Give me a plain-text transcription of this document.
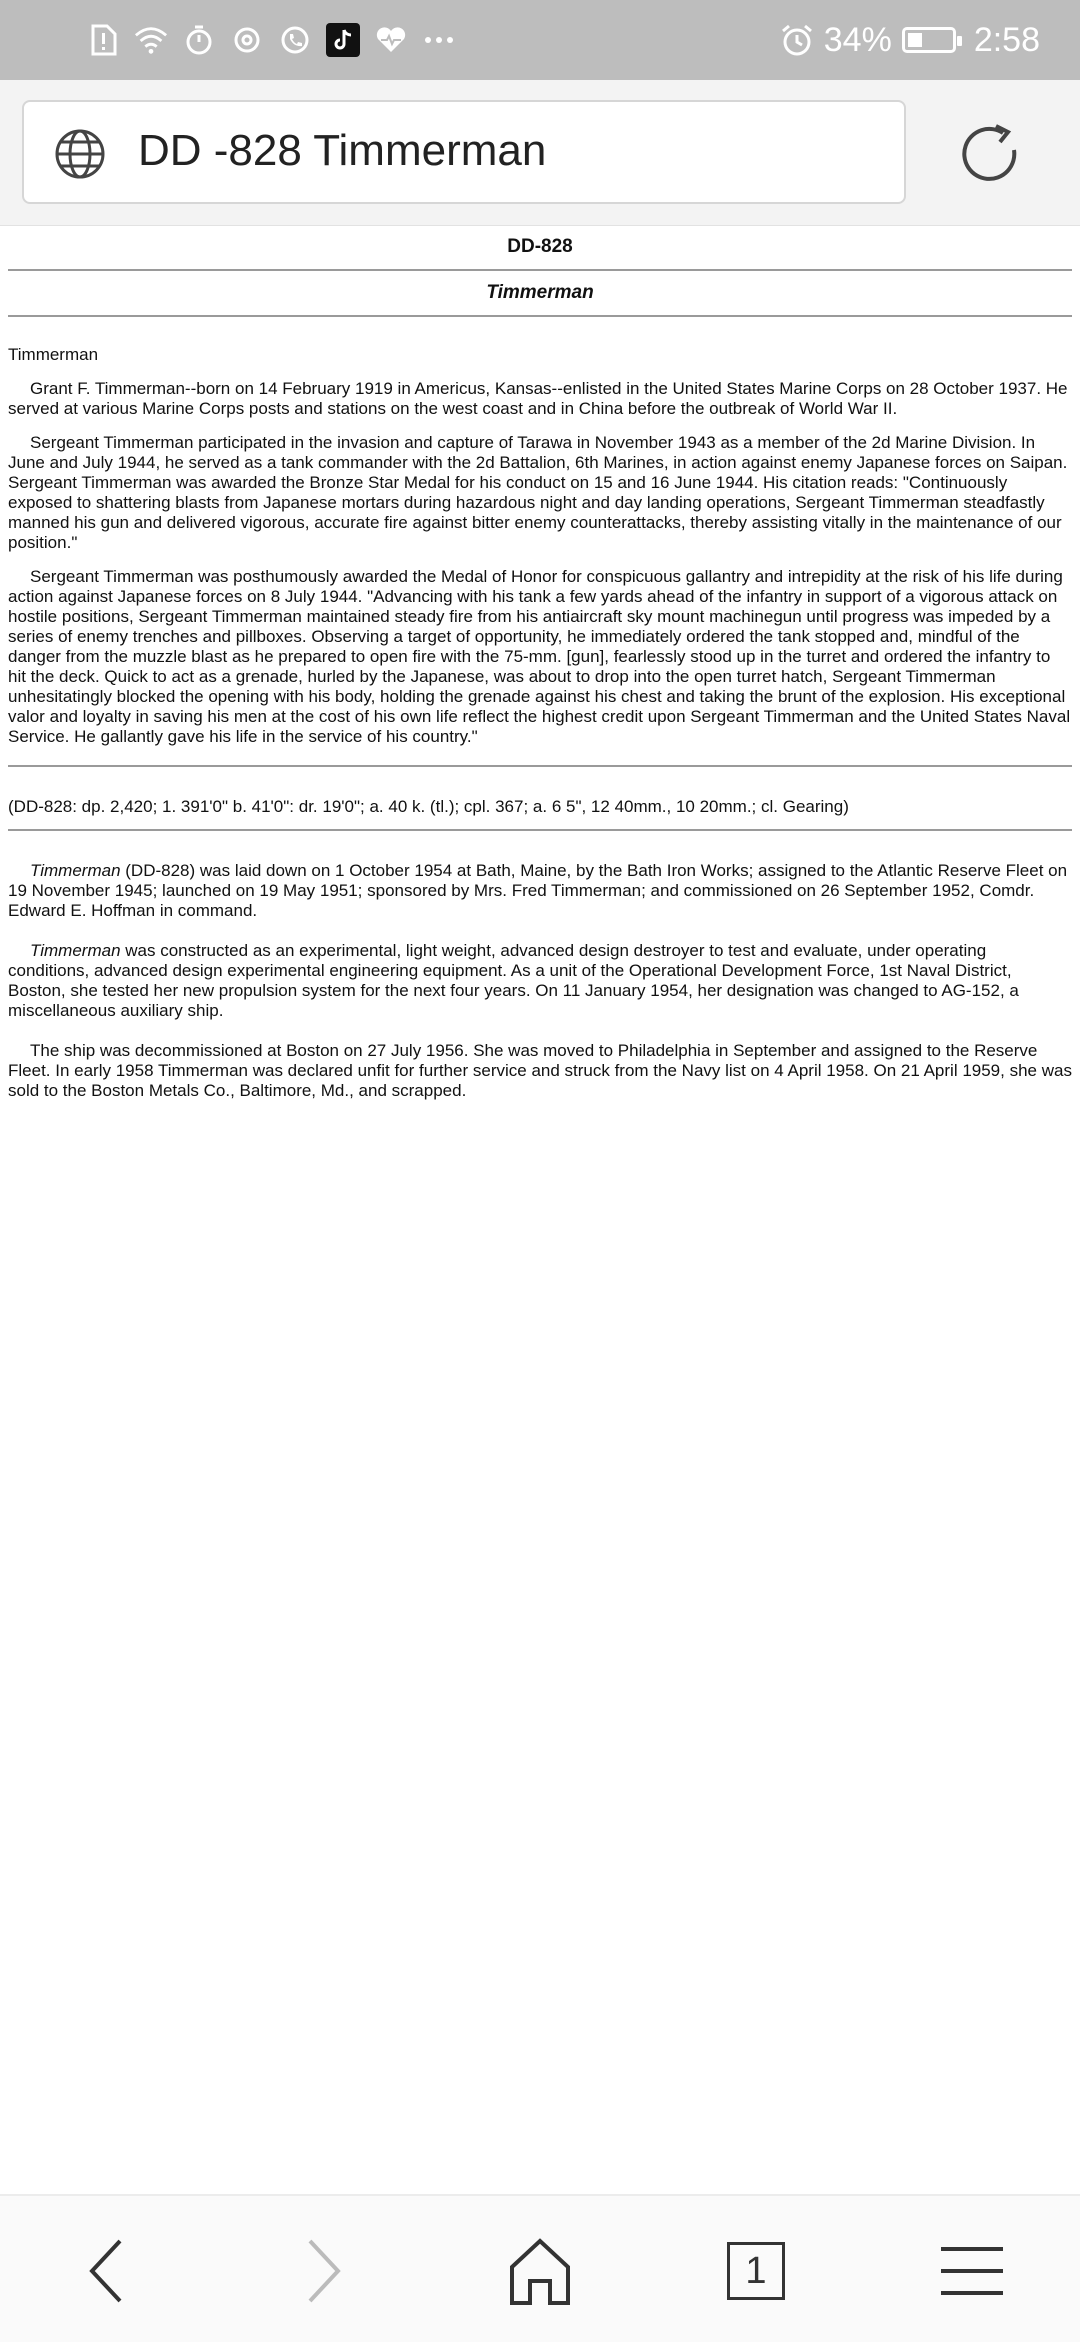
34% 2:58
DD -828 Timmerman
DD-828
Timmerman
Timmerman

Grant F. Timmerman--born on 14 February 1919 in Americus, Kansas--enlisted in the United States Marine Corps on 28 October 1937. He served at various Marine Corps posts and stations on the west coast and in China before the outbreak of World War II.

Sergeant Timmerman participated in the invasion and capture of Tarawa in November 1943 as a member of the 2d Marine Division. In June and July 1944, he served as a tank commander with the 2d Battalion, 6th Marines, in action against enemy Japanese forces on Saipan. Sergeant Timmerman was awarded the Bronze Star Medal for his conduct on 15 and 16 June 1944. His citation reads: "Continuously exposed to shattering blasts from Japanese mortars during hazardous night and day landing operations, Sergeant Timmerman steadfastly manned his gun and delivered vigorous, accurate fire against bitter enemy counterattacks, thereby assisting vitally in the maintenance of our position."

Sergeant Timmerman was posthumously awarded the Medal of Honor for conspicuous gallantry and intrepidity at the risk of his life during action against Japanese forces on 8 July 1944. "Advancing with his tank a few yards ahead of the infantry in support of a vigorous attack on hostile positions, Sergeant Timmerman maintained steady fire from his antiaircraft sky mount machinegun until progress was impeded by a series of enemy trenches and pillboxes. Observing a target of opportunity, he immediately ordered the tank stopped and, mindful of the danger from the muzzle blast as he prepared to open fire with the 75-mm. [gun], fearlessly stood up in the turret and ordered the infantry to hit the deck. Quick to act as a grenade, hurled by the Japanese, was about to drop into the open turret hatch, Sergeant Timmerman unhesitatingly blocked the opening with his body, holding the grenade against his chest and taking the brunt of the explosion. His exceptional valor and loyalty in saving his men at the cost of his own life reflect the highest credit upon Sergeant Timmerman and the United States Naval Service. He gallantly gave his life in the service of his country."

(DD-828: dp. 2,420; 1. 391'0" b. 41'0": dr. 19'0"; a. 40 k. (tl.); cpl. 367; a. 6 5", 12 40mm., 10 20mm.; cl. Gearing)

Timmerman (DD-828) was laid down on 1 October 1954 at Bath, Maine, by the Bath Iron Works; assigned to the Atlantic Reserve Fleet on 19 November 1945; launched on 19 May 1951; sponsored by Mrs. Fred Timmerman; and commissioned on 26 September 1952, Comdr. Edward E. Hoffman in command.

Timmerman was constructed as an experimental, light weight, advanced design destroyer to test and evaluate, under operating conditions, advanced design experimental engineering equipment. As a unit of the Operational Development Force, 1st Naval District, Boston, she tested her new propulsion system for the next four years. On 11 January 1954, her designation was changed to AG-152, a miscellaneous auxiliary ship.

The ship was decommissioned at Boston on 27 July 1956. She was moved to Philadelphia in September and assigned to the Reserve Fleet. In early 1958 Timmerman was declared unfit for further service and struck from the Navy list on 4 April 1958. On 21 April 1959, she was sold to the Boston Metals Co., Baltimore, Md., and scrapped.

1
